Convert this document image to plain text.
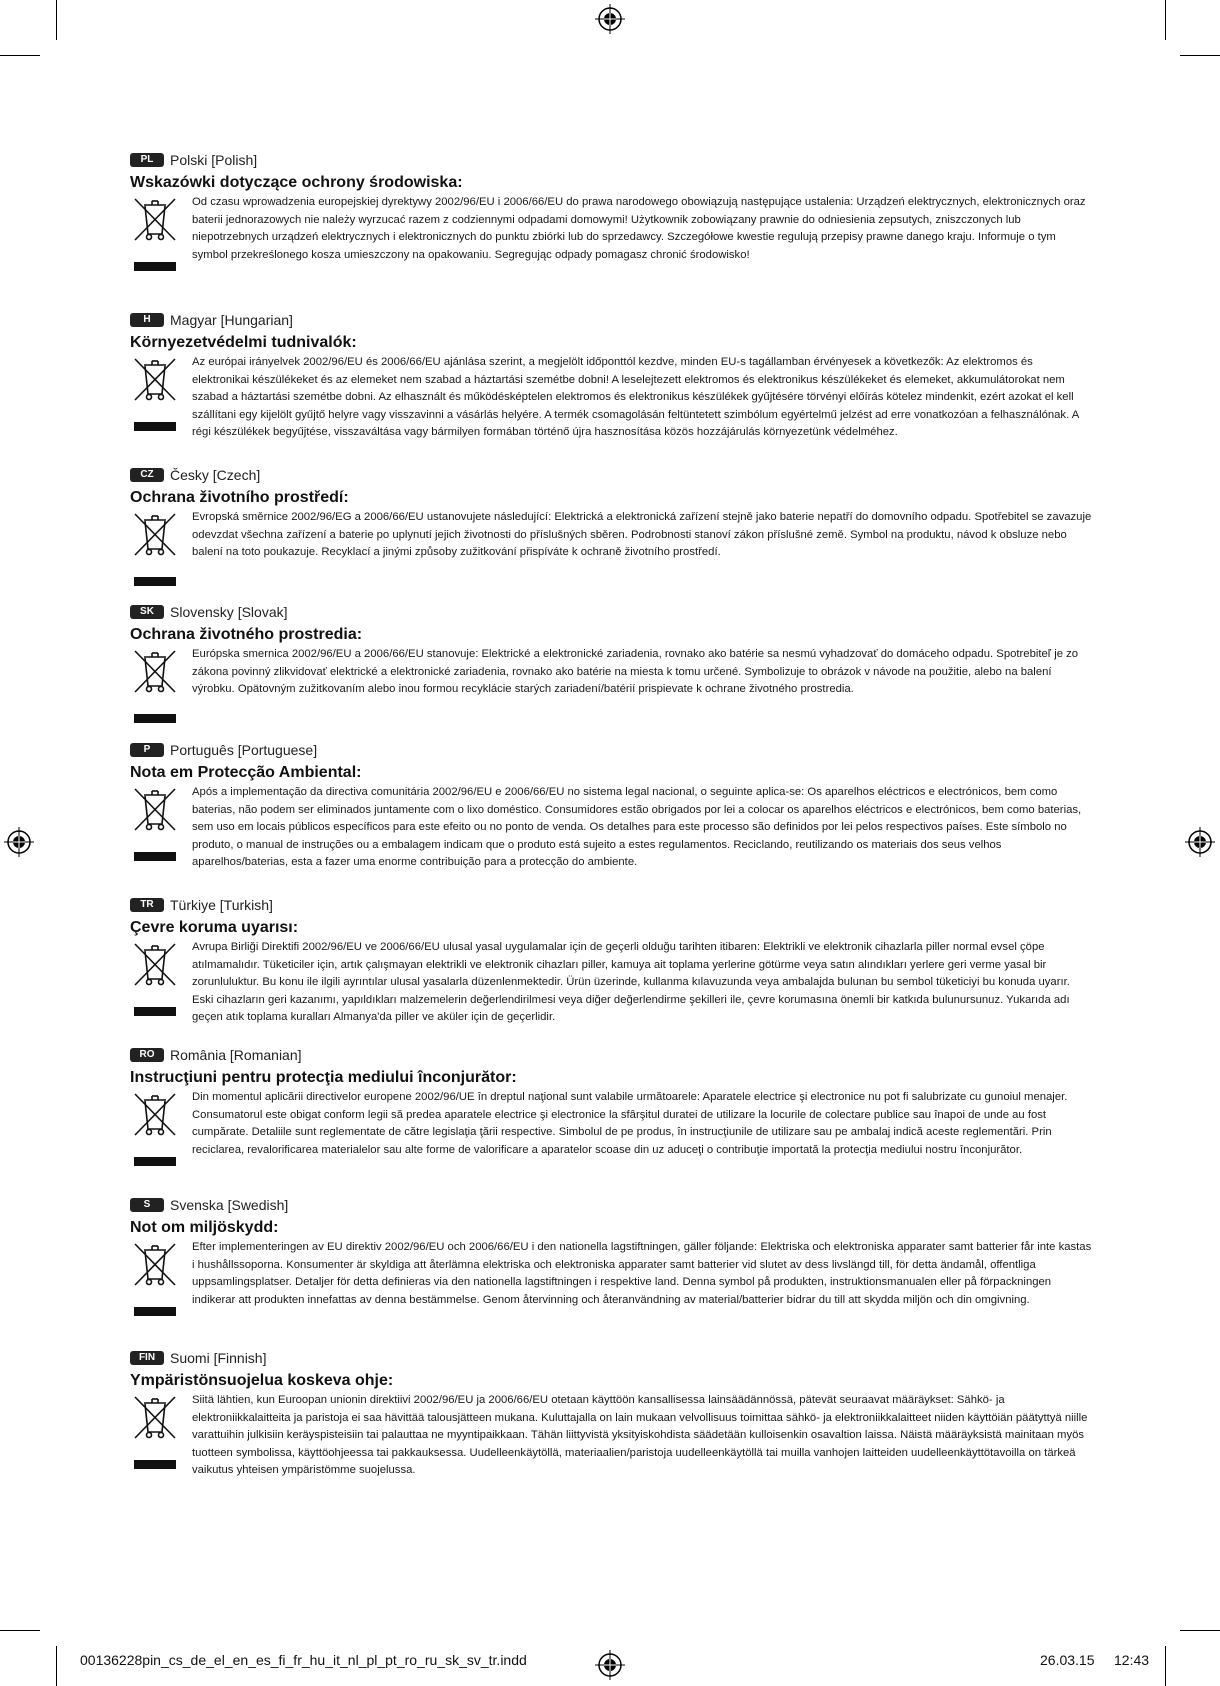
PL	Polski [Polish]
Wskazówki dotyczące ochrony środowiska:

Od czasu wprowadzenia europejskiej dyrektywy 2002/96/EU i 2006/66/EU do prawa narodowego obowiązują następujące ustalenia: Urządzeń elektrycznych, elektronicznych oraz baterii jednorazowych nie należy wyrzucać razem z codziennymi odpadami domowymi! Użytkownik zobowiązany prawnie do odniesienia zepsutych, zniszczonych lub niepotrzebnych urządzeń elektrycznych i elektronicznych do punktu zbiórki lub do sprzedawcy. Szczegółowe kwestie regulują przepisy prawne danego kraju. Informuje o tym symbol przekreślonego kosza umieszczony na opakowaniu. Segregując odpady pomagasz chronić środowisko!

H	Magyar [Hungarian]
Környezetvédelmi tudnivalók:

Az európai irányelvek 2002/96/EU és 2006/66/EU ajánlása szerint, a megjelölt időponttól kezdve, minden EU-s tagállamban érvényesek a következők: Az elektromos és elektronikai készülékeket és az elemeket nem szabad a háztartási szemétbe dobni! A leselejtezett elektromos és elektronikus készülékeket és elemeket, akkumulátorokat nem szabad a háztartási szemétbe dobni. Az elhasznált és működésképtelen elektromos és elektronikus készülékek gyűjtésére törvényi előírás kötelez mindenkit, ezért azokat el kell szállítani egy kijelölt gyűjtő helyre vagy visszavinni a vásárlás helyére. A termék csomagolásán feltüntetett szimbólum egyértelmű jelzést ad erre vonatkozóan a felhasználónak. A régi készülékek begyűjtése, visszaváltása vagy bármilyen formában történő újra hasznosítása közös hozzájárulás környezetünk védelméhez.

CZ	Česky [Czech]
Ochrana životního prostředí:

Evropská směrnice 2002/96/EG a 2006/66/EU ustanovujete následující: Elektrická a elektronická zařízení stejně jako baterie nepatří do domovního odpadu. Spotřebitel se zavazuje odevzdat všechna zařízení a baterie po uplynutí jejich životnosti do příslušných sběren. Podrobnosti stanoví zákon příslušné země. Symbol na produktu, návod k obsluze nebo balení na toto poukazuje. Recyklací a jinými způsoby zužitkování přispíváte k ochraně životního prostředí.

SK	Slovensky [Slovak]
Ochrana životného prostredia:

Európska smernica 2002/96/EU a 2006/66/EU stanovuje: Elektrické a elektronické zariadenia, rovnako ako batérie sa nesmú vyhadzovať do domáceho odpadu. Spotrebiteľ je zo zákona povinný zlikvidovať elektrické a elektronické zariadenia, rovnako ako batérie na miesta k tomu určené. Symbolizuje to obrázok v návode na použitie, alebo na balení výrobku. Opätovným zužitkovaním alebo inou formou recyklácie starých zariadení/batérií prispievate k ochrane životného prostredia.

P	Português [Portuguese]
Nota em Protecção Ambiental:

Após a implementação da directiva comunitária 2002/96/EU e 2006/66/EU no sistema legal nacional, o seguinte aplica-se: Os aparelhos eléctricos e electrónicos, bem como baterias, não podem ser eliminados juntamente com o lixo doméstico. Consumidores estão obrigados por lei a colocar os aparelhos eléctricos e electrónicos, bem como baterias, sem uso em locais públicos específicos para este efeito ou no ponto de venda. Os detalhes para este processo são definidos por lei pelos respectivos países. Este símbolo no produto, o manual de instruções ou a embalagem indicam que o produto está sujeito a estes regulamentos. Reciclando, reutilizando os materiais dos seus velhos aparelhos/baterias, esta a fazer uma enorme contribuição para a protecção do ambiente.

TR	Türkiye [Turkish]
Çevre koruma uyarısı:

Avrupa Birliği Direktifi 2002/96/EU ve 2006/66/EU ulusal yasal uygulamalar için de geçerli olduğu tarihten itibaren: Elektrikli ve elektronik cihazlarla piller normal evsel çöpe atılmamalıdır. Tüketiciler için, artık çalışmayan elektrikli ve elektronik cihazları piller, kamuya ait toplama yerlerine götürme veya satın alındıkları yerlere geri verme yasal bir zorunluluktur. Bu konu ile ilgili ayrıntılar ulusal yasalarla düzenlenmektedir. Ürün üzerinde, kullanma kılavuzunda veya ambalajda bulunan bu sembol tüketiciyi bu konuda uyarır. Eski cihazların geri kazanımı, yapıldıkları malzemelerin değerlendirilmesi veya diğer değerlendirme şekilleri ile, çevre korumasına önemli bir katkıda bulunursunuz. Yukarıda adı geçen atık toplama kuralları Almanya'da piller ve aküler için de geçerlidir.

RO	România [Romanian]
Instrucţiuni pentru protecţia mediului înconjurător:

Din momentul aplicării directivelor europene 2002/96/UE în dreptul naţional sunt valabile următoarele: Aparatele electrice şi electronice nu pot fi salubrizate cu gunoiul menajer. Consumatorul este obigat conform legii să predea aparatele electrice şi electronice la sfârşitul duratei de utilizare la locurile de colectare publice sau înapoi de unde au fost cumpărate. Detaliile sunt reglementate de către legislaţia ţării respective. Simbolul de pe produs, în instrucţiunile de utilizare sau pe ambalaj indică aceste reglementări. Prin reciclarea, revalorificarea materialelor sau alte forme de valorificare a aparatelor scoase din uz aduceţi o contribuţie importată la protecţia mediului nostru înconjurător.

S	Svenska [Swedish]
Not om miljöskydd:

Efter implementeringen av EU direktiv 2002/96/EU och 2006/66/EU i den nationella lagstiftningen, gäller följande: Elektriska och elektroniska apparater samt batterier får inte kastas i hushållssoporna. Konsumenter är skyldiga att återlämna elektriska och elektroniska apparater samt batterier vid slutet av dess livslängd till, för detta ändamål, offentliga uppsamlingsplatser. Detaljer för detta definieras via den nationella lagstiftningen i respektive land. Denna symbol på produkten, instruktionsmanualen eller på förpackningen indikerar att produkten innefattas av denna bestämmelse. Genom återvinning och återanvändning av material/batterier bidrar du till att skydda miljön och din omgivning.

FIN	Suomi [Finnish]
Ympäristönsuojelua koskeva ohje:

Siitä lähtien, kun Euroopan unionin direktiivi 2002/96/EU ja 2006/66/EU otetaan käyttöön kansallisessa lainsäädännössä, pätevät seuraavat määräykset: Sähkö- ja elektroniikkalaitteita ja paristoja ei saa hävittää talousjätteen mukana. Kuluttajalla on lain mukaan velvollisuus toimittaa sähkö- ja elektroniikkalaitteet niiden käyttöiän päätyttyä niille varattuihin julkisiin keräyspisteisiin tai palauttaa ne myyntipaikkaan. Tähän liittyvistä yksityiskohdista säädetään kulloisenkin osavaltion laissa. Näistä määräyksistä mainitaan myös tuotteen symbolissa, käyttöohjeessa tai pakkauksessa. Uudelleenkäytöllä, materiaalien/paristoja uudelleenkäytöllä tai muilla vanhojen laitteiden uudelleenkäyttötavoilla on tärkeä vaikutus yhteisen ympäristömme suojelussa.

00136228pin_cs_de_el_en_es_fi_fr_hu_it_nl_pl_pt_ro_ru_sk_sv_tr.indd	26.03.15 12:43
